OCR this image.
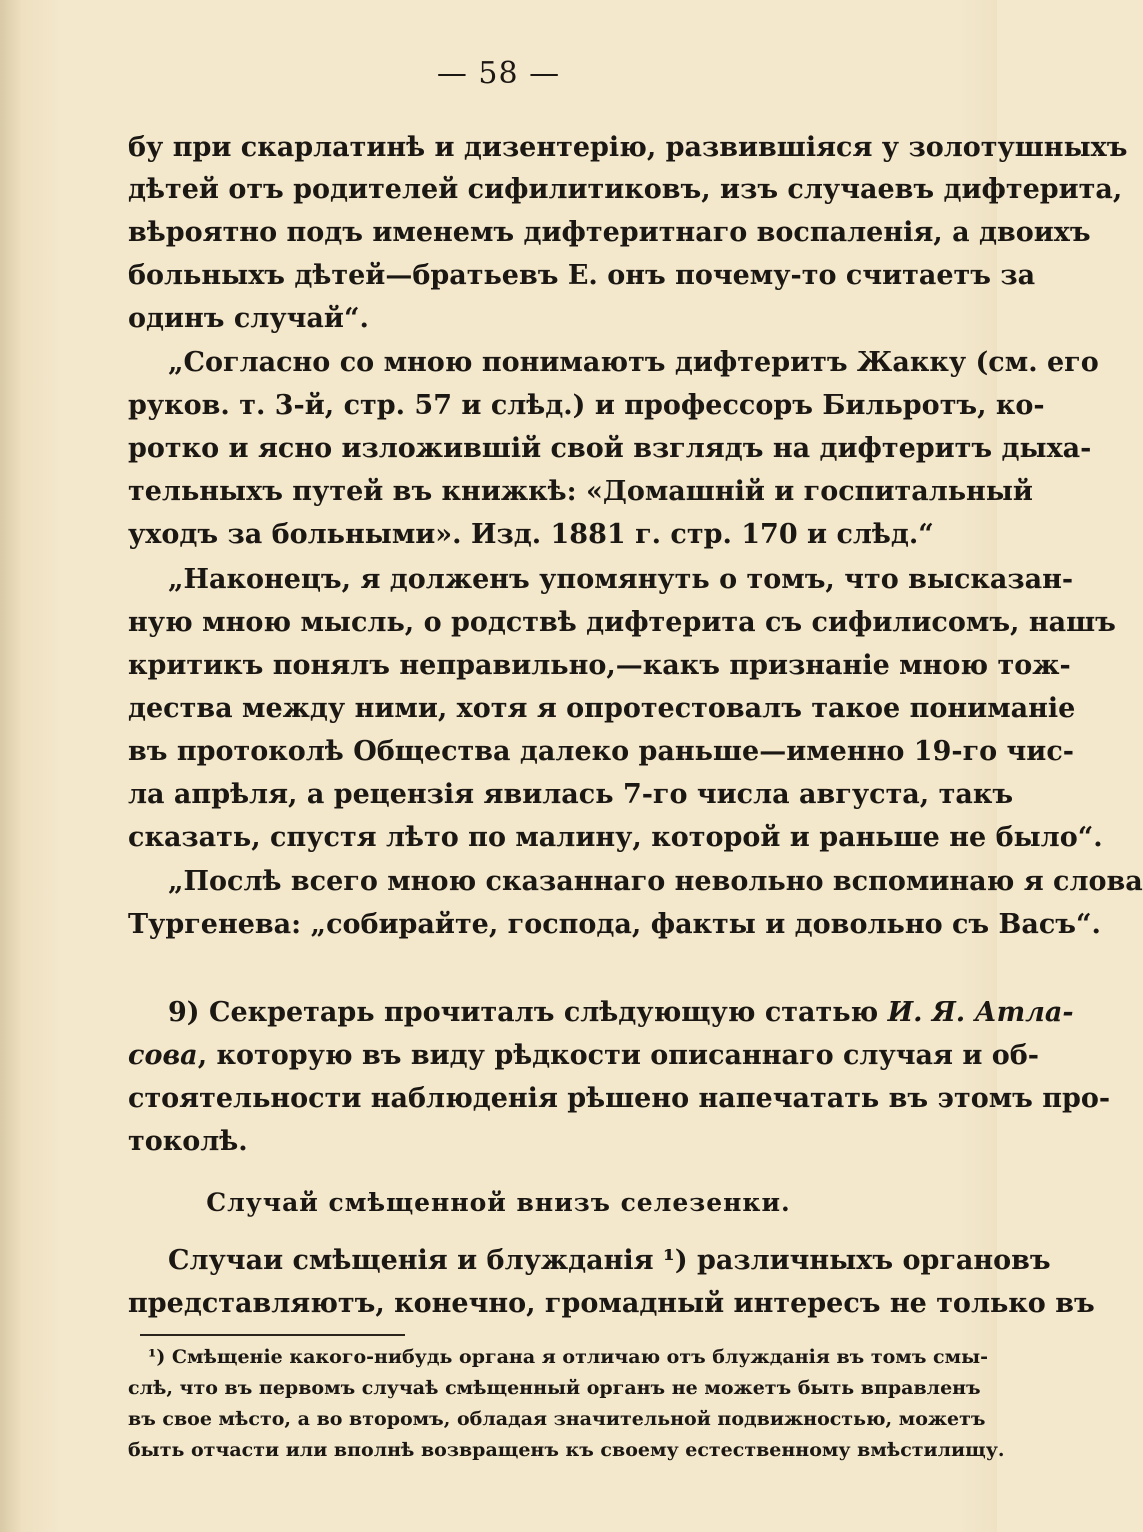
— 58 —
бу при скарлатинѣ и дизентерію, развившіяся у золотушныхъ
дѣтей отъ родителей сифилитиковъ, изъ случаевъ дифтерита,
вѣроятно подъ именемъ дифтеритнаго воспаленія, а двоихъ
больныхъ дѣтей—братьевъ Е. онъ почему-то считаетъ за
одинъ случай“.
„Согласно со мною понимаютъ дифтеритъ Жакку (см. его
руков. т. 3-й, стр. 57 и слѣд.) и профессоръ Бильротъ, ко-
ротко и ясно изложившій свой взглядъ на дифтеритъ дыха-
тельныхъ путей въ книжкѣ: «Домашній и госпитальный
уходъ за больными». Изд. 1881 г. стр. 170 и слѣд.“
„Наконецъ, я долженъ упомянуть о томъ, что высказан-
ную мною мысль, о родствѣ дифтерита съ сифилисомъ, нашъ
критикъ понялъ неправильно,—какъ признаніе мною тож-
дества между ними, хотя я опротестовалъ такое пониманіе
въ протоколѣ Общества далеко раньше—именно 19-го чис-
ла апрѣля, а рецензія явилась 7-го числа августа, такъ
сказать, спустя лѣто по малину, которой и раньше не было“.
„Послѣ всего мною сказаннаго невольно вспоминаю я слова
Тургенева: „собирайте, господа, факты и довольно съ Васъ“.
9) Секретарь прочиталъ слѣдующую статью И. Я. Атла-
сова, которую въ виду рѣдкости описаннаго случая и об-
стоятельности наблюденія рѣшено напечатать въ этомъ про-
токолѣ.
Случай смѣщенной внизъ селезенки.
Случаи смѣщенія и блужданія ¹) различныхъ органовъ
представляютъ, конечно, громадный интересъ не только въ
¹) Смѣщеніе какого-нибудь органа я отличаю отъ блужданія въ томъ смы-
слѣ, что въ первомъ случаѣ смѣщенный органъ не можетъ быть вправленъ
въ свое мѣсто, а во второмъ, обладая значительной подвижностью, можетъ
быть отчасти или вполнѣ возвращенъ къ своему естественному вмѣстилищу.
